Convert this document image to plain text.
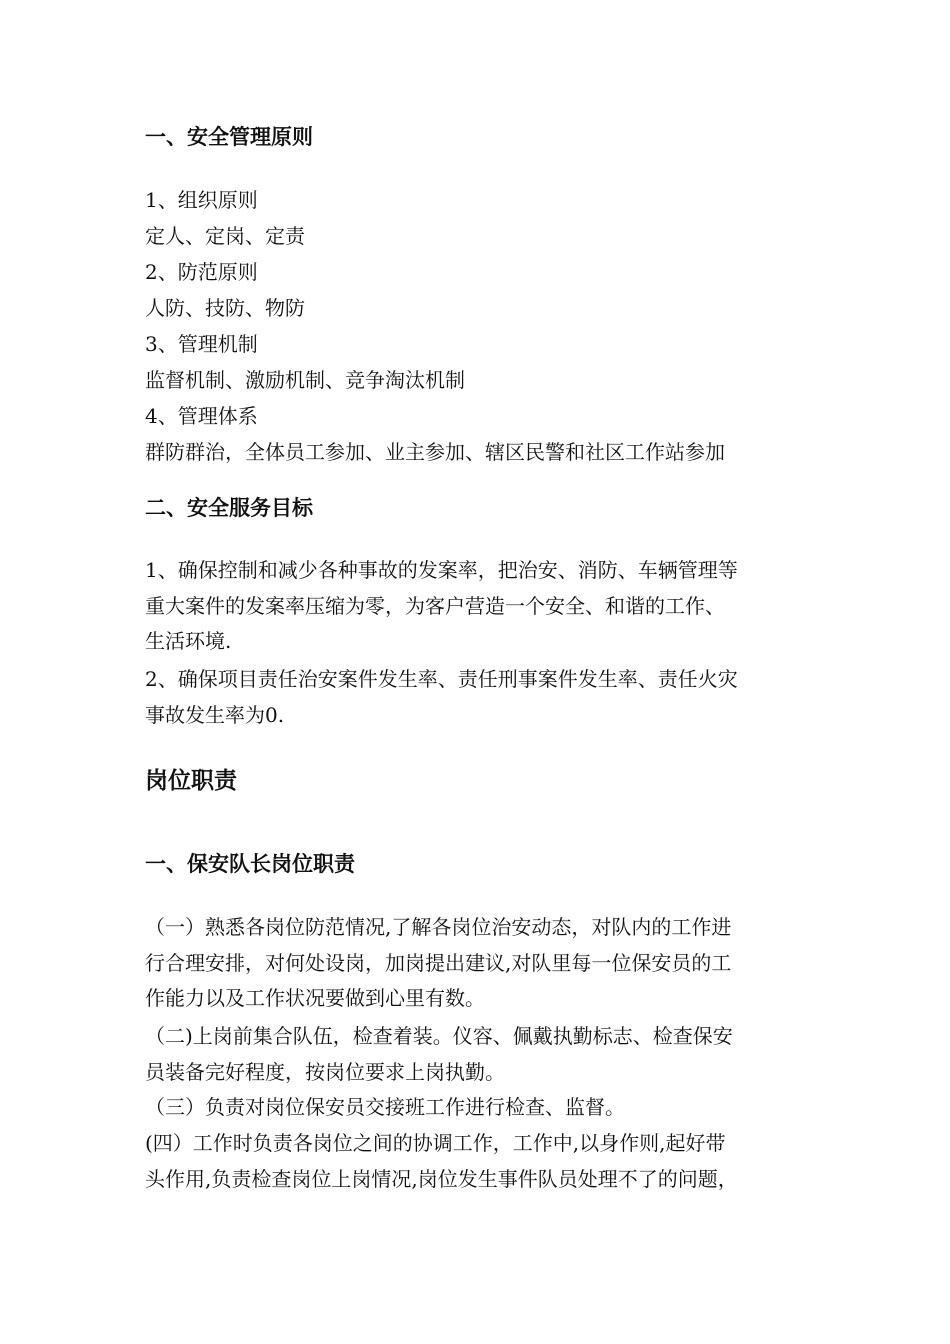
一、安全管理原则
1、组织原则
定人、定岗、定责
2、防范原则
人防、技防、物防
3、管理机制
监督机制、激励机制、竞争淘汰机制
4、管理体系
群防群治，全体员工参加、业主参加、辖区民警和社区工作站参加
二、安全服务目标
1、确保控制和减少各种事故的发案率，把治安、消防、车辆管理等
重大案件的发案率压缩为零，为客户营造一个安全、和谐的工作、
生活环境.
2、确保项目责任治安案件发生率、责任刑事案件发生率、责任火灾
事故发生率为0.
岗位职责
一、保安队长岗位职责
（一）熟悉各岗位防范情况,了解各岗位治安动态，对队内的工作进
行合理安排，对何处设岗，加岗提出建议,对队里每一位保安员的工
作能力以及工作状况要做到心里有数。
（二)上岗前集合队伍，检查着装。仪容、佩戴执勤标志、检查保安
员装备完好程度，按岗位要求上岗执勤。
（三）负责对岗位保安员交接班工作进行检查、监督。
(四）工作时负责各岗位之间的协调工作，工作中,以身作则,起好带
头作用,负责检查岗位上岗情况,岗位发生事件队员处理不了的问题，
